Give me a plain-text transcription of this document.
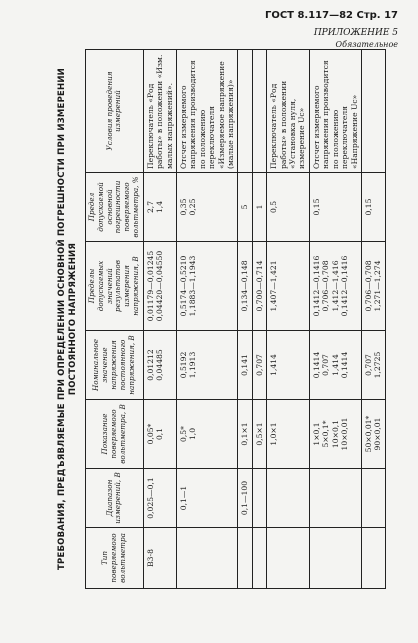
ГОСТ 8.117—82 Стр. 17
ПРИЛОЖЕНИЕ 5
Обязательное
ТРЕБОВАНИЯ, ПРЕДЪЯВЛЯЕМЫЕ ПРИ ОПРЕДЕЛЕНИИ ОСНОВНОЙ ПОГРЕШНОСТИ ПРИ ИЗМЕРЕНИИ ПОСТОЯННОГО НАПРЯЖЕНИЯ
Тип поверяемого вольтметра	Диапазон измерений, В	Показание поверяемого вольтметра, В	Номинальное значение напряжения постоянного напряжения, В	Пределы допускаемых значений результатов измерения напряжения, В	Предел допускаемой основной погрешности поверяемого вольтметра, %	Условия проведения измерений
В3-8	0,025—0,1	0,05* 0,1	0,01212 0,04485	0,01179—0,01245 0,04420—0,04550	2,7 1,4	Переключатель «Род работы» в положении «Изм. малых напряжений».
	0,1—1	0,5* 1,0	0,5192 1,1913	0,5174—0,5210 1,1883—1,1943	0,35 0,25	Отсчет измеряемого напряжения производится по положению переключателя «Измеряемое напряжение (малые напряжения)»
	0,1—100	0,1×1	0,141	0,134—0,148	5	

		0,5×1	0,707	0,700—0,714	1	

		1,0×1	1,414	1,407—1,421	0,5	Переключатель «Род работы» в положении «Установка нуля, измерение Uс»

		1×0,1 5×0,1* 10×0,1 10×0,01	0,1414 0,707 1,414 0,1414	0,1412—0,1416 0,706—0,708 1,412—1,416 0,1412—0,1416	0,15	Отсчет измеряемого напряжения производится по положению переключателя «Напряжение Uс»

		50×0,01* 90×0,01	0,707 1,2725	0,706—0,708 1,271—1,274	0,15	
